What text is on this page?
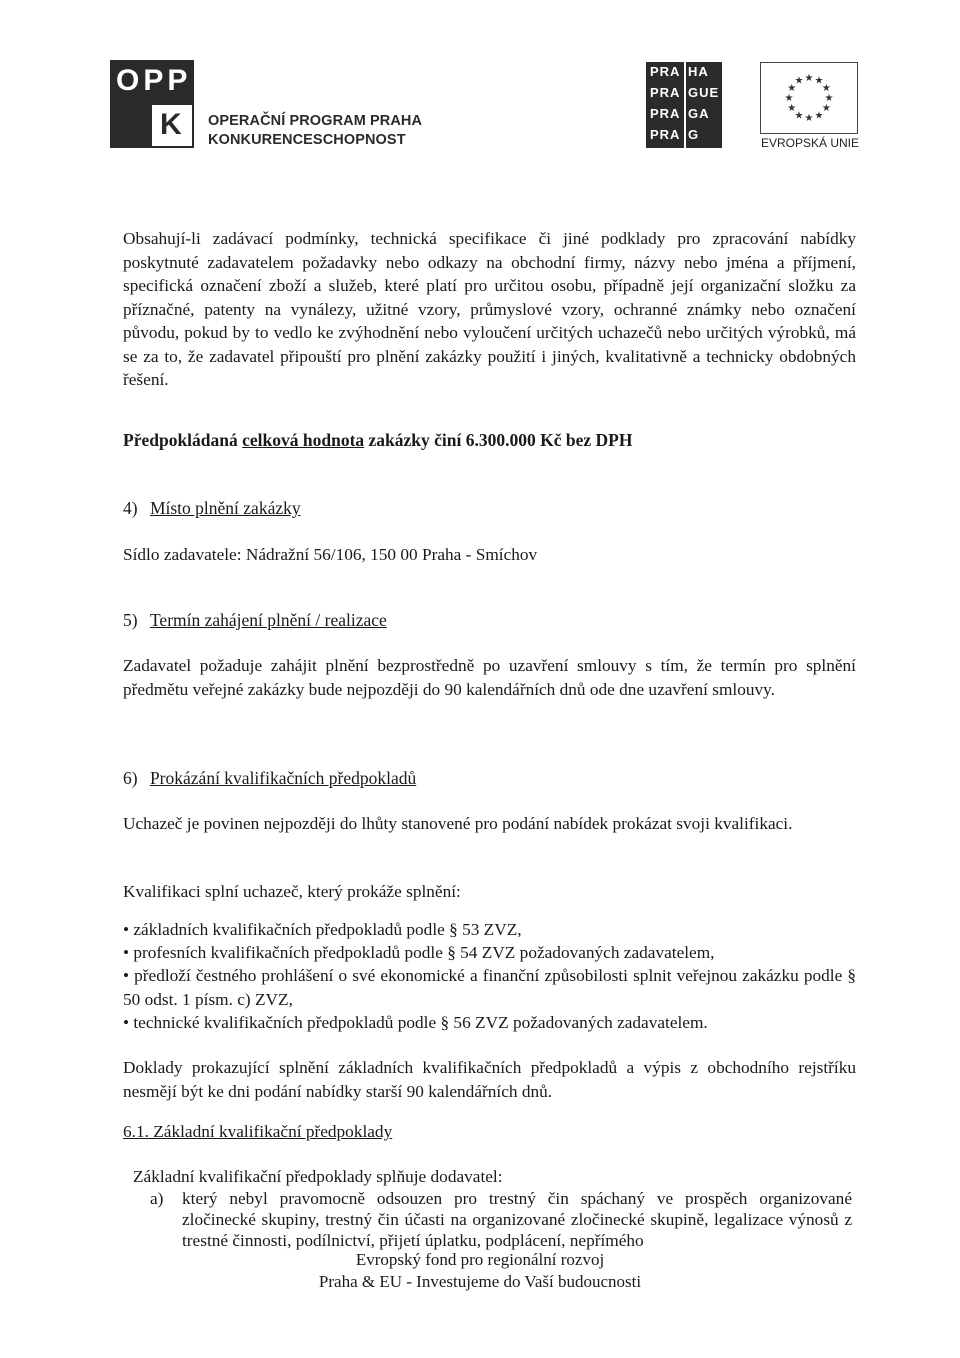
OPP
K OPERAČNÍ PROGRAM PRAHA
KONKURENCESCHOPNOST
PRA HA
PRA GUE
PRA GA
PRA G
★ ★
★
★
★
★
★
★
★
★
★
★
EVROPSKÁ UNIE

Obsahují-li zadávací podmínky, technická specifikace či jiné podklady pro zpracování nabídky poskytnuté zadavatelem požadavky nebo odkazy na obchodní firmy, názvy nebo jména a příjmení, specifická označení zboží a služeb, které platí pro určitou osobu, případně její organizační složku za příznačné, patenty na vynálezy, užitné vzory, průmyslové vzory, ochranné známky nebo označení původu, pokud by to vedlo ke zvýhodnění nebo vyloučení určitých uchazečů nebo určitých výrobků, má se za to, že zadavatel připouští pro plnění zakázky použití i jiných, kvalitativně a technicky obdobných řešení.

Předpokládaná celková hodnota zakázky činí 6.300.000 Kč bez DPH
4) Místo plnění zakázky

Sídlo zadavatele: Nádražní 56/106, 150 00 Praha - Smíchov

5) Termín zahájení plnění / realizace

Zadavatel požaduje zahájit plnění bezprostředně po uzavření smlouvy s tím, že termín pro splnění předmětu veřejné zakázky bude nejpozději do 90 kalendářních dnů ode dne uzavření smlouvy.

6) Prokázání kvalifikačních předpokladů

Uchazeč je povinen nejpozději do lhůty stanovené pro podání nabídek prokázat svoji kvalifikaci.

Kvalifikaci splní uchazeč, který prokáže splnění:

• základních kvalifikačních předpokladů podle § 53 ZVZ,
• profesních kvalifikačních předpokladů podle § 54 ZVZ požadovaných zadavatelem,

• předloží čestného prohlášení o své ekonomické a finanční způsobilosti splnit veřejnou zakázku podle § 50 odst. 1 písm. c) ZVZ,

• technické kvalifikačních předpokladů podle § 56 ZVZ požadovaných zadavatelem.

Doklady prokazující splnění základních kvalifikačních předpokladů a výpis z obchodního rejstříku nesmějí být ke dni podání nabídky starší 90 kalendářních dnů.

6.1. Základní kvalifikační předpoklady

Základní kvalifikační předpoklady splňuje dodavatel:

a) který nebyl pravomocně odsouzen pro trestný čin spáchaný ve prospěch organizované zločinecké skupiny, trestný čin účasti na organizované zločinecké skupině, legalizace výnosů z trestné činnosti, podílnictví, přijetí úplatku, podplácení, nepřímého

Evropský fond pro regionální rozvoj
Praha & EU - Investujeme do Vaší budoucnosti
